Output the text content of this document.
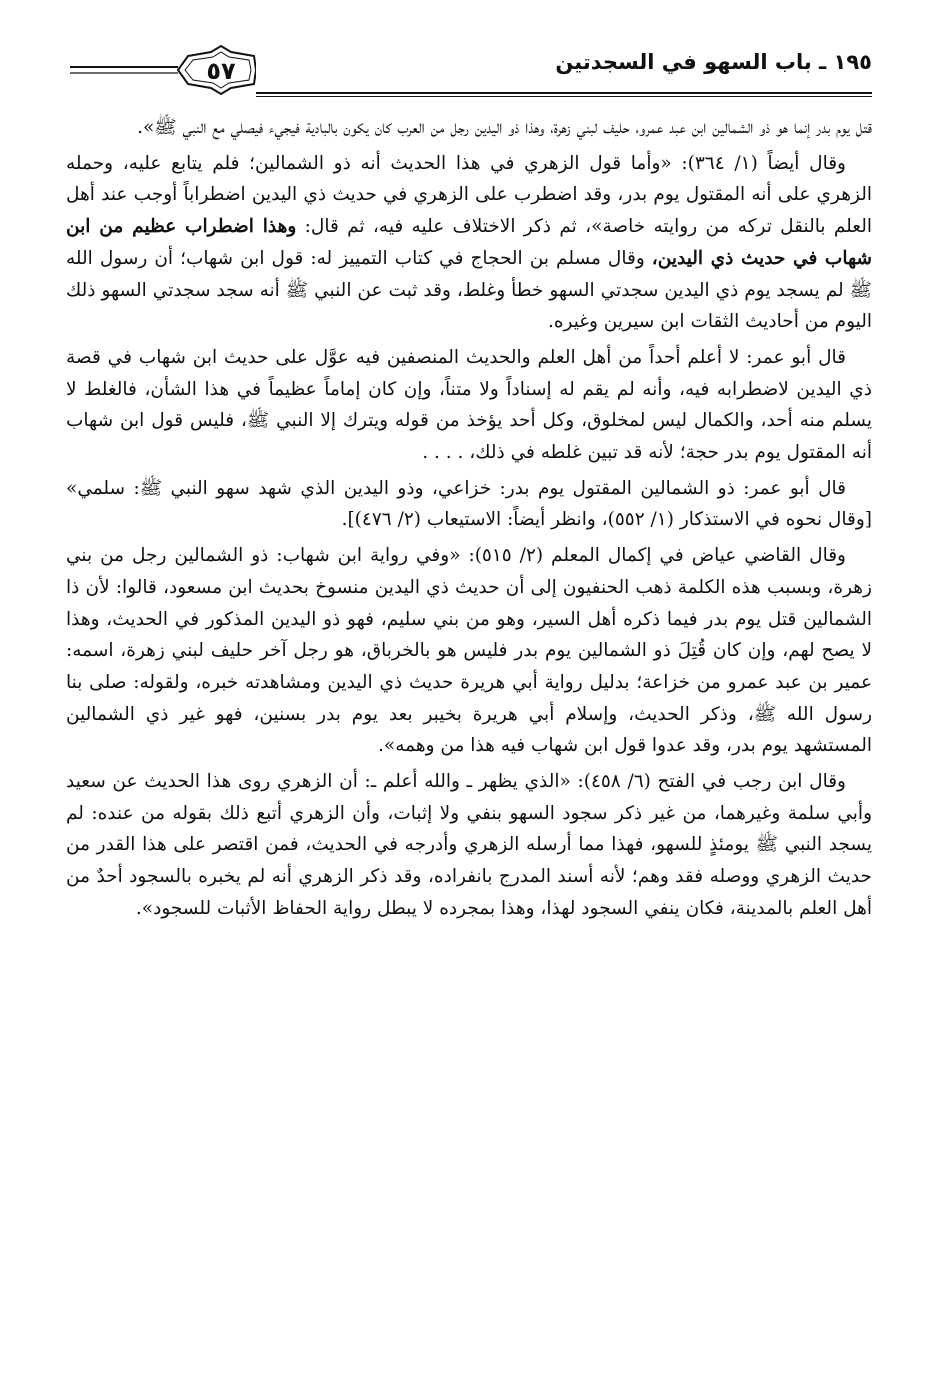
١٩٥ ـ باب السهو في السجدتين
٥٧

قتل يوم بدر إنما هو ذو الشمالين ابن عبد عمرو، حليف لبني زهرة، وهذا ذو اليدين رجل من العرب كان يكون بالبادية فيجيء فيصلي مع النبي ﷺ».

وقال أيضاً (١/ ٣٦٤): «وأما قول الزهري في هذا الحديث أنه ذو الشمالين؛ فلم يتابع عليه، وحمله الزهري على أنه المقتول يوم بدر، وقد اضطرب على الزهري في حديث ذي اليدين اضطراباً أوجب عند أهل العلم بالنقل تركه من روايته خاصة»، ثم ذكر الاختلاف عليه فيه، ثم قال: وهذا اضطراب عظيم من ابن شهاب في حديث ذي اليدين، وقال مسلم بن الحجاج في كتاب التمييز له: قول ابن شهاب؛ أن رسول الله ﷺ لم يسجد يوم ذي اليدين سجدتي السهو خطأ وغلط، وقد ثبت عن النبي ﷺ أنه سجد سجدتي السهو ذلك اليوم من أحاديث الثقات ابن سيرين وغيره.

قال أبو عمر: لا أعلم أحداً من أهل العلم والحديث المنصفين فيه عوَّل على حديث ابن شهاب في قصة ذي اليدين لاضطرابه فيه، وأنه لم يقم له إسناداً ولا متناً، وإن كان إماماً عظيماً في هذا الشأن، فالغلط لا يسلم منه أحد، والكمال ليس لمخلوق، وكل أحد يؤخذ من قوله ويترك إلا النبي ﷺ، فليس قول ابن شهاب أنه المقتول يوم بدر حجة؛ لأنه قد تبين غلطه في ذلك، . . . .

قال أبو عمر: ذو الشمالين المقتول يوم بدر: خزاعي، وذو اليدين الذي شهد سهو النبي ﷺ: سلمي» [وقال نحوه في الاستذكار (١/ ٥٥٢)، وانظر أيضاً: الاستيعاب (٢/ ٤٧٦)].

وقال القاضي عياض في إكمال المعلم (٢/ ٥١٥): «وفي رواية ابن شهاب: ذو الشمالين رجل من بني زهرة، وبسبب هذه الكلمة ذهب الحنفيون إلى أن حديث ذي اليدين منسوخ بحديث ابن مسعود، قالوا: لأن ذا الشمالين قتل يوم بدر فيما ذكره أهل السير، وهو من بني سليم، فهو ذو اليدين المذكور في الحديث، وهذا لا يصح لهم، وإن كان قُتِلَ ذو الشمالين يوم بدر فليس هو بالخرباق، هو رجل آخر حليف لبني زهرة، اسمه: عمير بن عبد عمرو من خزاعة؛ بدليل رواية أبي هريرة حديث ذي اليدين ومشاهدته خبره، ولقوله: صلى بنا رسول الله ﷺ، وذكر الحديث، وإسلام أبي هريرة بخيبر بعد يوم بدر بسنين، فهو غير ذي الشمالين المستشهد يوم بدر، وقد عدوا قول ابن شهاب فيه هذا من وهمه».

وقال ابن رجب في الفتح (٦/ ٤٥٨): «الذي يظهر ـ والله أعلم ـ: أن الزهري روى هذا الحديث عن سعيد وأبي سلمة وغيرهما، من غير ذكر سجود السهو بنفي ولا إثبات، وأن الزهري أتبع ذلك بقوله من عنده: لم يسجد النبي ﷺ يومئذٍ للسهو، فهذا مما أرسله الزهري وأدرجه في الحديث، فمن اقتصر على هذا القدر من حديث الزهري ووصله فقد وهم؛ لأنه أسند المدرج بانفراده، وقد ذكر الزهري أنه لم يخبره بالسجود أحدٌ من أهل العلم بالمدينة، فكان ينفي السجود لهذا، وهذا بمجرده لا يبطل رواية الحفاظ الأثبات للسجود».
